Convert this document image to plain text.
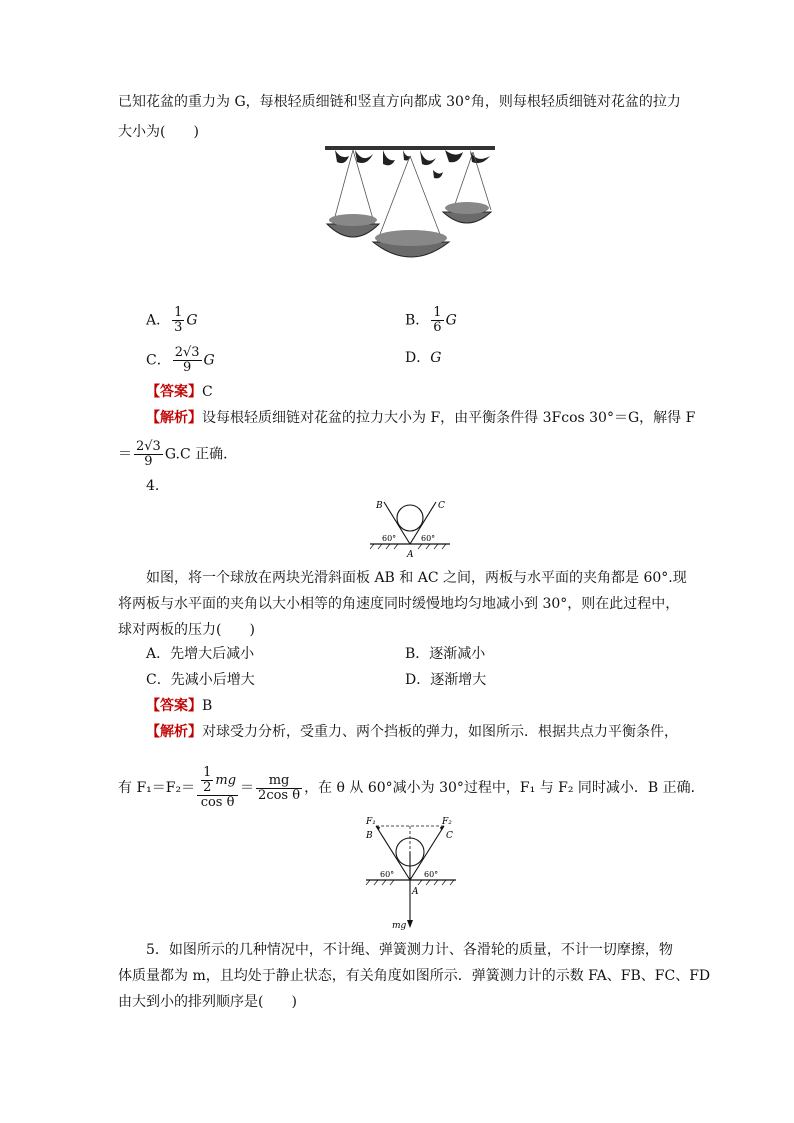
已知花盆的重力为 G，每根轻质细链和竖直方向都成 30°角，则每根轻质细链对花盆的拉力
大小为(　　)
A． $\frac{1}{3}$ G	B． $\frac{1}{6}$ G
C． $\frac{2√3}{9}$ G	D．G
【答案】C
【解析】设每根轻质细链对花盆的拉力大小为 F，由平衡条件得 3Fcos 30°＝G，解得 F
＝ $\frac{2√3}{9} G.C$ 正确．
4.
B	C
60°	60°
A
如图，将一个球放在两块光滑斜面板 AB 和 AC 之间，两板与水平面的夹角都是 60°.现
将两板与水平面的夹角以大小相等的角速度同时缓慢地均匀地减小到 30°，则在此过程中，
球对两板的压力(　　)
A．先增大后减小	B．逐渐减小
C．先减小后增大	D．逐渐增大
【答案】B
【解析】对球受力分析，受重力、两个挡板的弹力，如图所示．根据共点力平衡条件，
有 $F_1=F_2= \frac{\frac{1}{2} mg}{\text{cos θ}} = \frac{mg}{\text{2cos θ}}$ ，在 θ 从 60°减小为 30°过程中，F₁ 与 F₂ 同时减小．B 正确．
F₁	F₂
B	C
60°	60°
A
mg
5．如图所示的几种情况中，不计绳、弹簧测力计、各滑轮的质量，不计一切摩擦，物
体质量都为 m，且均处于静止状态，有关角度如图所示．弹簧测力计的示数 FA、FB、FC、FD
由大到小的排列顺序是(　　)
